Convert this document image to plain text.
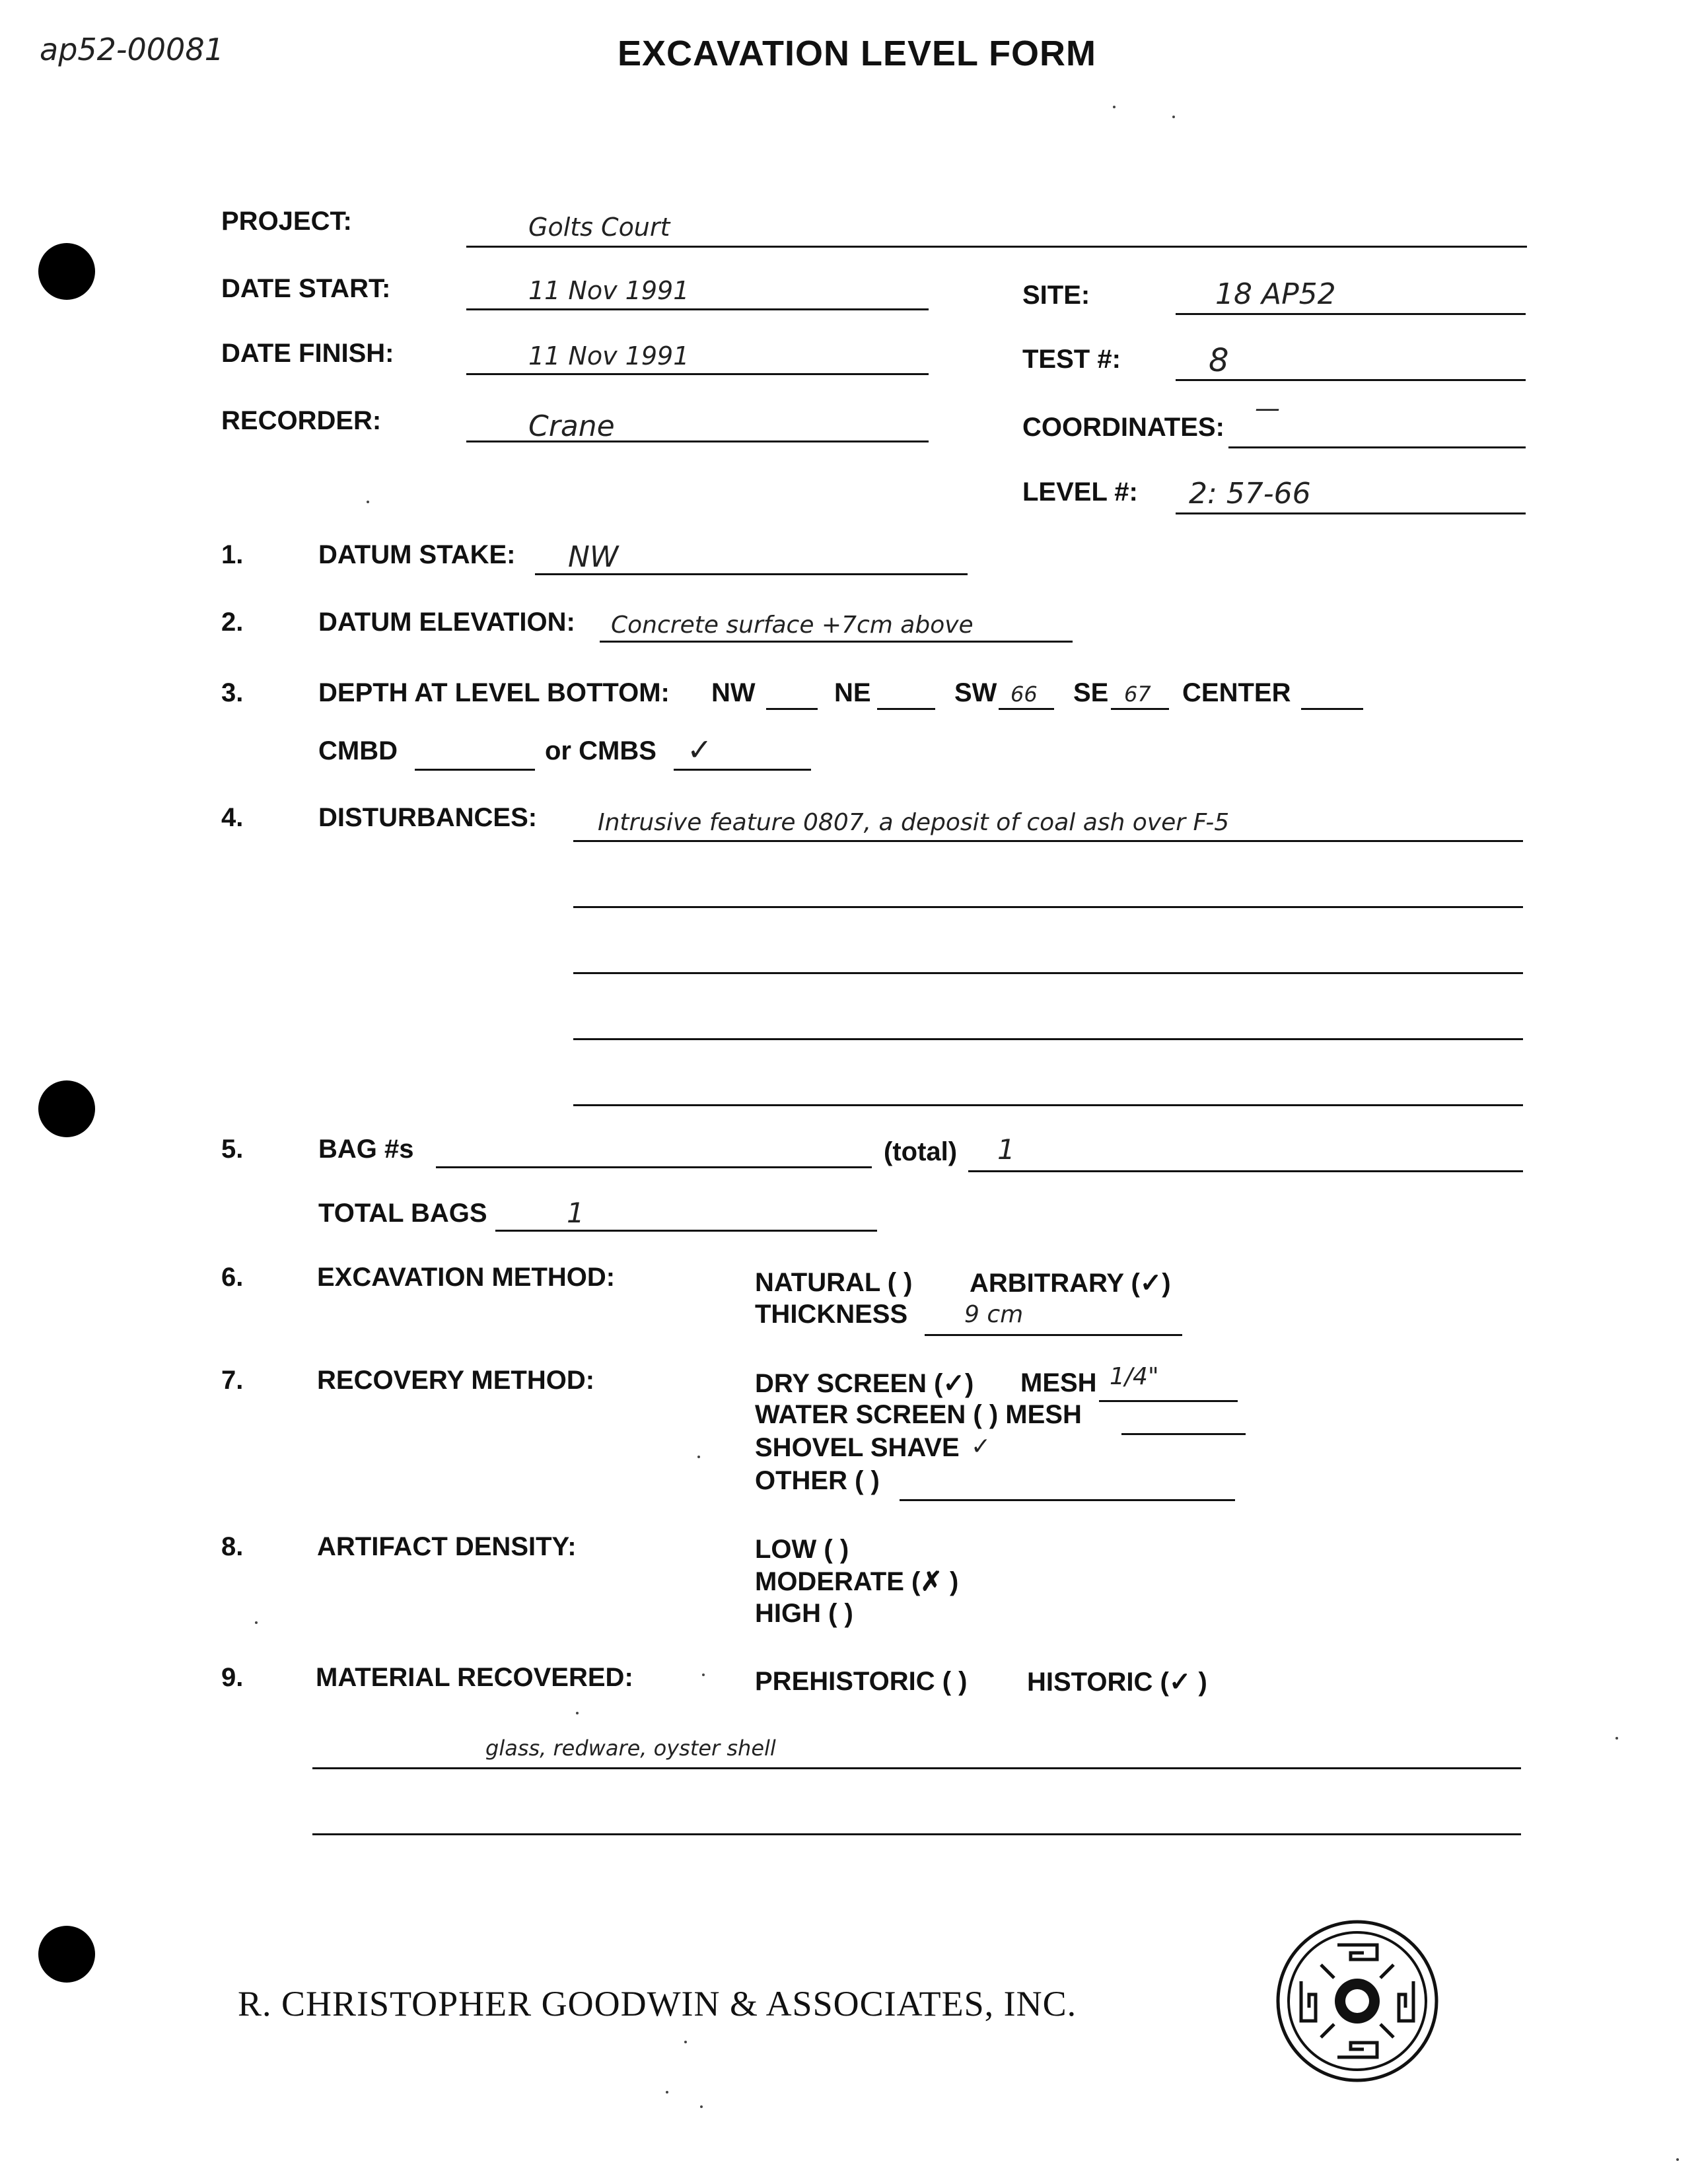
ap52-00081	EXCAVATION LEVEL FORM
PROJECT:	Golts Court
DATE START:	11 Nov 1991	SITE:	18 AP52
DATE FINISH:	11 Nov 1991	TEST #:	8
RECORDER:	Crane	COORDINATES:
—
LEVEL #: 2: 57-66
1.	DATUM STAKE: NW
2.	DATUM ELEVATION: Concrete surface +7cm above
3.	DEPTH AT LEVEL BOTTOM: NW	NE	SW 66 SE 67 CENTER
CMBD	or CMBS ✓
4.	DISTURBANCES:	Intrusive feature 0807, a deposit of coal ash over F-5
5.	BAG #s	(total) 1
TOTAL BAGS	1
6.	EXCAVATION METHOD:	NATURAL ( ) ARBITRARY (✓)
THICKNESS 9 cm
7.	RECOVERY METHOD:	DRY SCREEN (✓) MESH 1/4"
WATER SCREEN ( ) MESH
SHOVEL SHAVE ✓
OTHER ( )
8.	ARTIFACT DENSITY:	LOW ( )
MODERATE (✗ )
HIGH ( )
9.	MATERIAL RECOVERED:	PREHISTORIC ( ) HISTORIC (✓ )
glass, redware, oyster shell
R. CHRISTOPHER GOODWIN & ASSOCIATES, INC.
